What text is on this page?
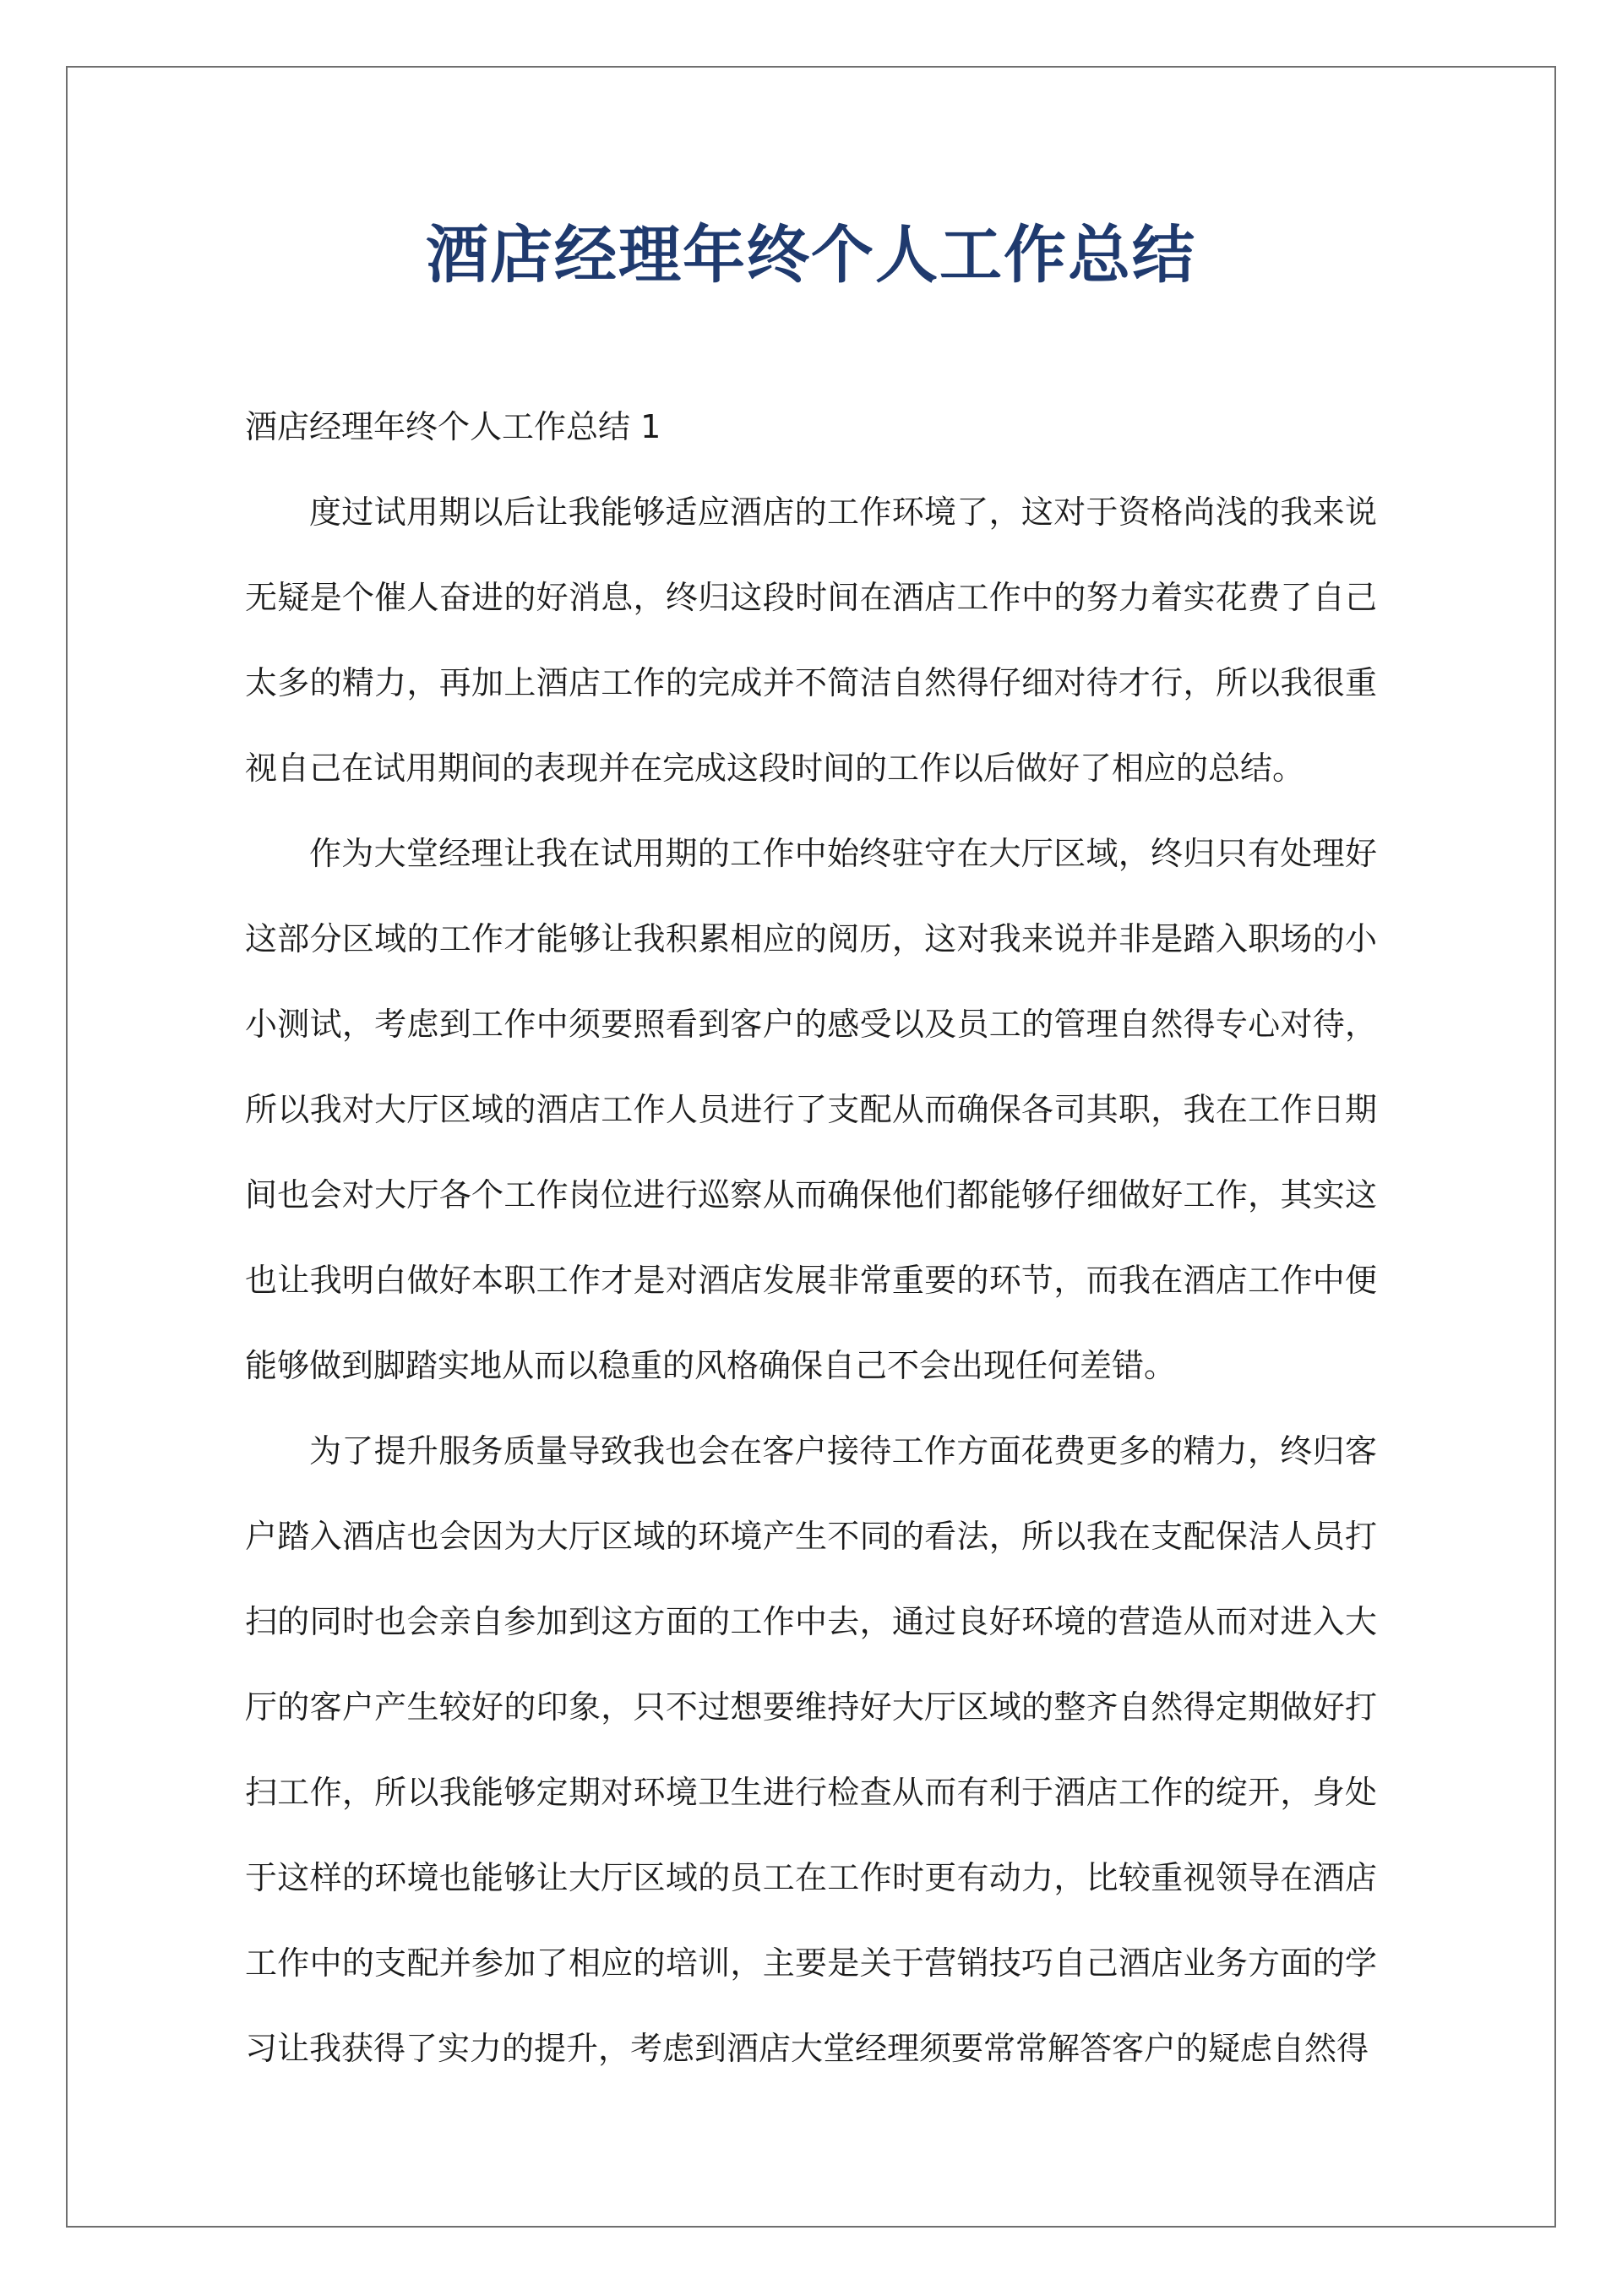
酒店经理年终个人工作总结

酒店经理年终个人工作总结 1

度过试用期以后让我能够适应酒店的工作环境了，这对于资格尚浅的我来说无疑是个催人奋进的好消息，终归这段时间在酒店工作中的努力着实花费了自己太多的精力，再加上酒店工作的完成并不简洁自然得仔细对待才行，所以我很重视自己在试用期间的表现并在完成这段时间的工作以后做好了相应的总结。

作为大堂经理让我在试用期的工作中始终驻守在大厅区域，终归只有处理好这部分区域的工作才能够让我积累相应的阅历，这对我来说并非是踏入职场的小小测试，考虑到工作中须要照看到客户的感受以及员工的管理自然得专心对待，所以我对大厅区域的酒店工作人员进行了支配从而确保各司其职，我在工作日期间也会对大厅各个工作岗位进行巡察从而确保他们都能够仔细做好工作，其实这也让我明白做好本职工作才是对酒店发展非常重要的环节，而我在酒店工作中便能够做到脚踏实地从而以稳重的风格确保自己不会出现任何差错。

为了提升服务质量导致我也会在客户接待工作方面花费更多的精力，终归客户踏入酒店也会因为大厅区域的环境产生不同的看法，所以我在支配保洁人员打扫的同时也会亲自参加到这方面的工作中去，通过良好环境的营造从而对进入大厅的客户产生较好的印象，只不过想要维持好大厅区域的整齐自然得定期做好打扫工作，所以我能够定期对环境卫生进行检查从而有利于酒店工作的绽开，身处于这样的环境也能够让大厅区域的员工在工作时更有动力，比较重视领导在酒店工作中的支配并参加了相应的培训，主要是关于营销技巧自己酒店业务方面的学习让我获得了实力的提升，考虑到酒店大堂经理须要常常解答客户的疑虑自然得
